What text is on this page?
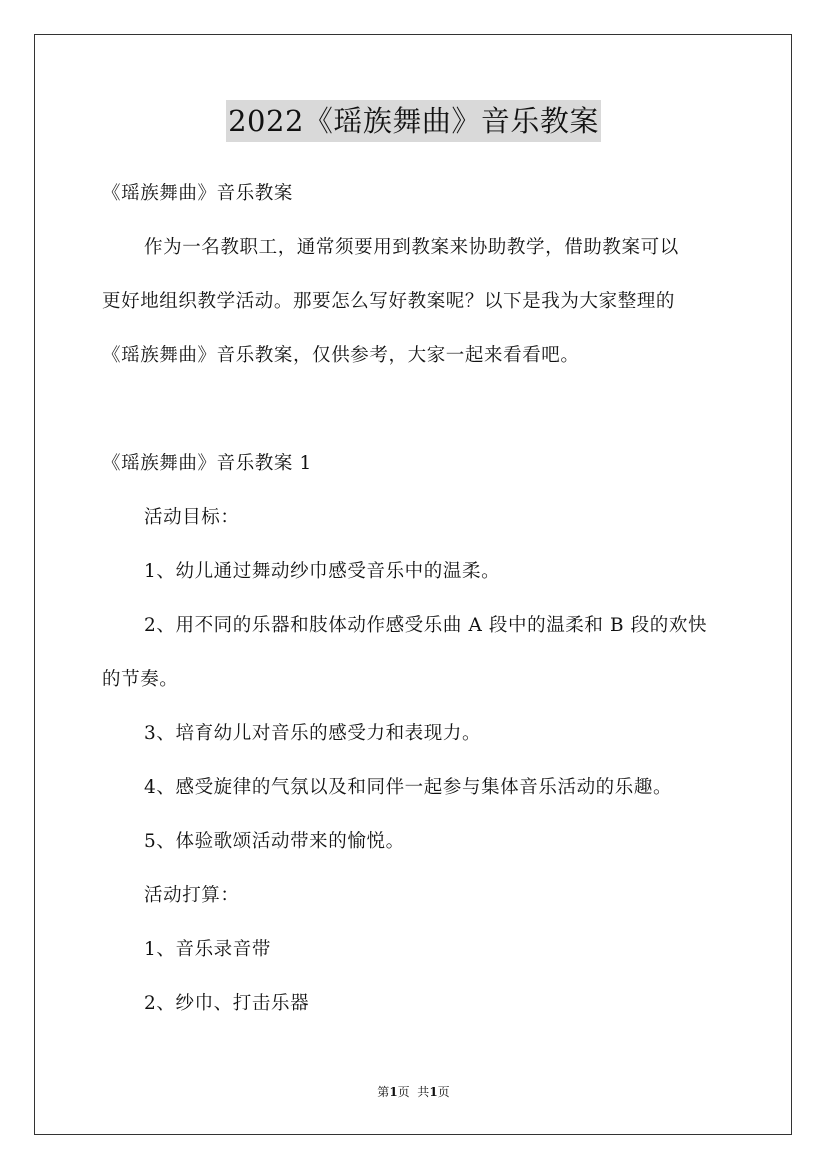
2022《瑶族舞曲》音乐教案
《瑶族舞曲》音乐教案
作为一名教职工，通常须要用到教案来协助教学，借助教案可以
更好地组织教学活动。那要怎么写好教案呢？以下是我为大家整理的
《瑶族舞曲》音乐教案，仅供参考，大家一起来看看吧。
《瑶族舞曲》音乐教案 1
活动目标：
1、幼儿通过舞动纱巾感受音乐中的温柔。
2、用不同的乐器和肢体动作感受乐曲 A 段中的温柔和 B 段的欢快
的节奏。
3、培育幼儿对音乐的感受力和表现力。
4、感受旋律的气氛以及和同伴一起参与集体音乐活动的乐趣。
5、体验歌颂活动带来的愉悦。
活动打算：
1、音乐录音带
2、纱巾、打击乐器
第1页  共1页
